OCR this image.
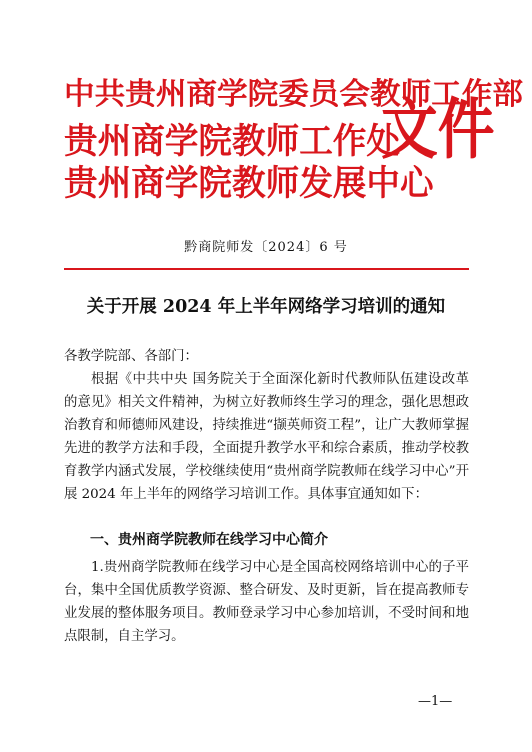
中共贵州商学院委员会教师工作部
贵州商学院教师工作处
贵州商学院教师发展中心
文件
黔商院师发〔2024〕6 号
关于开展 2024 年上半年网络学习培训的通知
各教学院部、各部门：
根据《中共中央 国务院关于全面深化新时代教师队伍建设改革的意见》相关文件精神，为树立好教师终生学习的理念，强化思想政治教育和师德师风建设，持续推进“撷英师资工程”，让广大教师掌握先进的教学方法和手段，全面提升教学水平和综合素质，推动学校教育教学内涵式发展，学校继续使用“贵州商学院教师在线学习中心”开展 2024 年上半年的网络学习培训工作。具体事宜通知如下：
一、贵州商学院教师在线学习中心简介
1.贵州商学院教师在线学习中心是全国高校网络培训中心的子平台，集中全国优质教学资源、整合研发、及时更新，旨在提高教师专业发展的整体服务项目。教师登录学习中心参加培训，不受时间和地点限制，自主学习。
—1—
